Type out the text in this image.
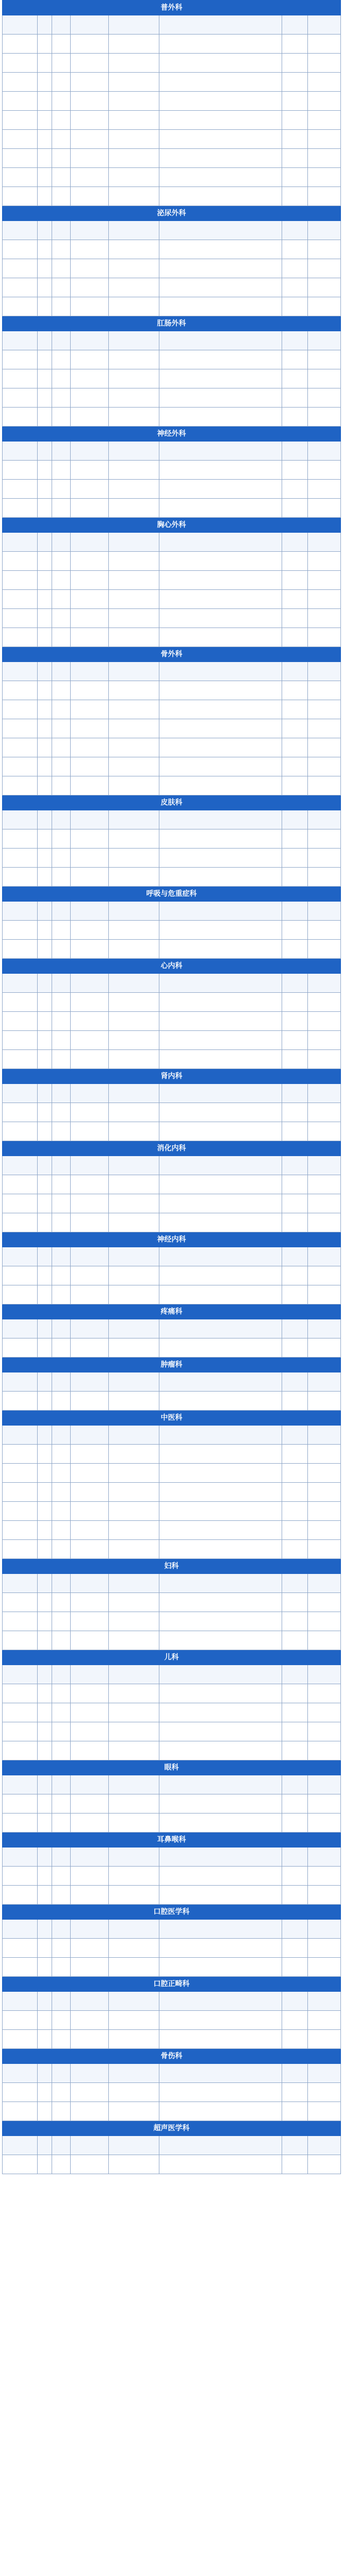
普外科							

泌尿外科							

肛肠外科							

神经外科							

胸心外科							

骨外科							

皮肤科							

呼吸与危重症科							

心内科							

肾内科							

消化内科							

神经内科							

疼痛科							

肿瘤科							

中医科							

妇科							

儿科							

眼科							

耳鼻喉科							

口腔医学科							

口腔正畸科							

骨伤科							

超声医学科							
